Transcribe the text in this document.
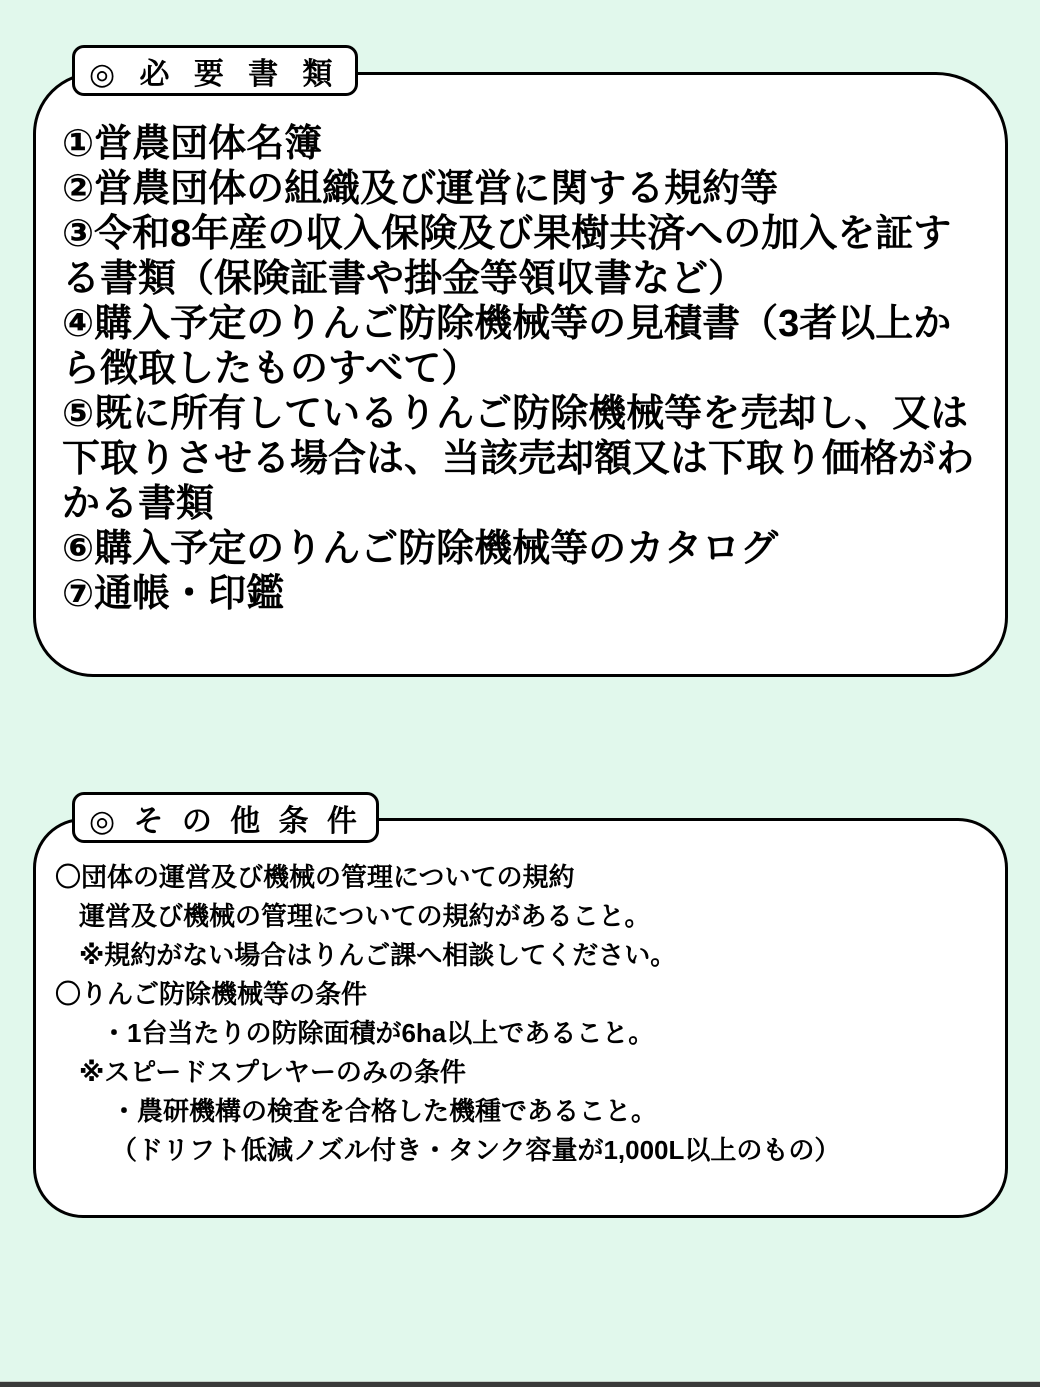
◎ 必 要 書 類
①営農団体名簿
②営農団体の組織及び運営に関する規約等
③令和8年産の収入保険及び果樹共済への加入を証する書類（保険証書や掛金等領収書など）
④購入予定のりんご防除機械等の見積書（3者以上から徴取したものすべて）
⑤既に所有しているりんご防除機械等を売却し、又は下取りさせる場合は、当該売却額又は下取り価格がわかる書類
⑥購入予定のりんご防除機械等のカタログ
⑦通帳・印鑑
◎ そ の 他 条 件
〇団体の運営及び機械の管理についての規約
運営及び機械の管理についての規約があること。
※規約がない場合はりんご課へ相談してください。
〇りんご防除機械等の条件
・1台当たりの防除面積が6ha以上であること。
※スピードスプレヤーのみの条件
・農研機構の検査を合格した機種であること。
（ドリフト低減ノズル付き・タンク容量が1,000L以上のもの）
